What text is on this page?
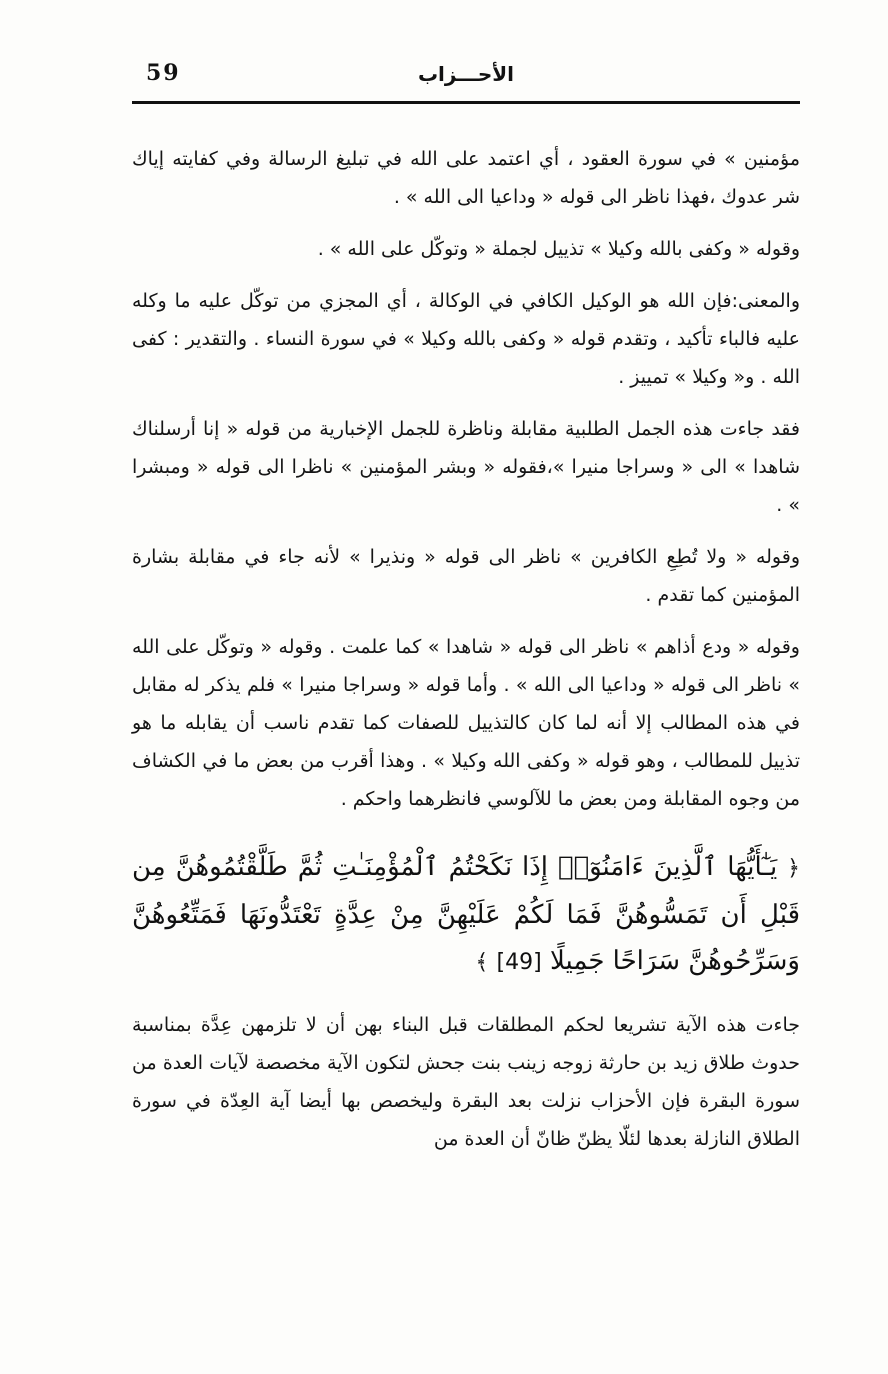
59	الأحـــزاب

مؤمنين » في سورة العقود ، أي اعتمد على الله في تبليغ الرسالة وفي كفايته إياك شر عدوك ،فهذا ناظر الى قوله « وداعيا الى الله » .

وقوله « وكفى بالله وكيلا » تذييل لجملة « وتوكّل على الله » .

والمعنى:فإن الله هو الوكيل الكافي في الوكالة ، أي المجزي من توكّل عليه ما وكله عليه فالباء تأكيد ، وتقدم قوله « وكفى بالله وكيلا » في سورة النساء . والتقدير : كفى الله . و« وكيلا » تمييز .

فقد جاءت هذه الجمل الطلبية مقابلة وناظرة للجمل الإخبارية من قوله « إنا أرسلناك شاهدا » الى « وسراجا منيرا »،فقوله « وبشر المؤمنين » ناظرا الى قوله « ومبشرا » .

وقوله « ولا تُطِعِ الكافرين » ناظر الى قوله « ونذيرا » لأنه جاء في مقابلة بشارة المؤمنين كما تقدم .

وقوله « ودع أذاهم » ناظر الى قوله « شاهدا » كما علمت . وقوله « وتوكّل على الله » ناظر الى قوله « وداعيا الى الله » . وأما قوله « وسراجا منيرا » فلم يذكر له مقابل في هذه المطالب إلا أنه لما كان كالتذييل للصفات كما تقدم ناسب أن يقابله ما هو تذييل للمطالب ، وهو قوله « وكفى الله وكيلا » . وهذا أقرب من بعض ما في الكشاف من وجوه المقابلة ومن بعض ما للآلوسي فانظرهما واحكم .

﴿ يَـٰٓأَيُّهَا ٱلَّذِينَ ءَامَنُوٓا۟ إِذَا نَكَحْتُمُ ٱلْمُؤْمِنَـٰتِ ثُمَّ طَلَّقْتُمُوهُنَّ مِن قَبْلِ أَن تَمَسُّوهُنَّ فَمَا لَكُمْ عَلَيْهِنَّ مِنْ عِدَّةٍ تَعْتَدُّونَهَا فَمَتِّعُوهُنَّ وَسَرِّحُوهُنَّ سَرَاحًا جَمِيلًا [49] ﴾

جاءت هذه الآية تشريعا لحكم المطلقات قبل البناء بهن أن لا تلزمهن عِدَّة بمناسبة حدوث طلاق زيد بن حارثة زوجه زينب بنت جحش لتكون الآية مخصصة لآيات العدة من سورة البقرة فإن الأحزاب نزلت بعد البقرة وليخصص بها أيضا آية العِدّة في سورة الطلاق النازلة بعدها لئلّا يظنّ ظانّ أن العدة من
